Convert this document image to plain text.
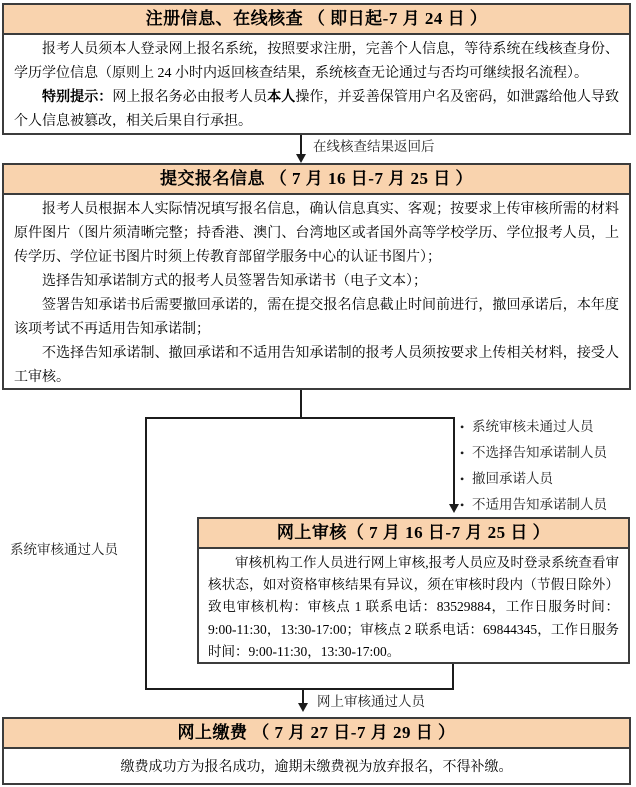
注册信息、在线核查 （ 即日起-7 月 24 日 ）

报考人员须本人登录网上报名系统，按照要求注册，完善个人信息，等待系统在线核查身份、学历学位信息（原则上 24 小时内返回核查结果，系统核查无论通过与否均可继续报名流程）。

特别提示：网上报名务必由报考人员本人操作，并妥善保管用户名及密码，如泄露给他人导致个人信息被篡改，相关后果自行承担。

在线核查结果返回后
提交报名信息 （ 7 月 16 日-7 月 25 日 ）

报考人员根据本人实际情况填写报名信息，确认信息真实、客观；按要求上传审核所需的材料原件图片（图片须清晰完整；持香港、澳门、台湾地区或者国外高等学校学历、学位报考人员，上传学历、学位证书图片时须上传教育部留学服务中心的认证书图片）；

选择告知承诺制方式的报考人员签署告知承诺书（电子文本）；

签署告知承诺书后需要撤回承诺的，需在提交报名信息截止时间前进行，撤回承诺后，本年度该项考试不再适用告知承诺制；

不选择告知承诺制、撤回承诺和不适用告知承诺制的报考人员须按要求上传相关材料，接受人工审核。

• 系统审核未通过人员
• 不选择告知承诺制人员
• 撤回承诺人员
• 不适用告知承诺制人员
系统审核通过人员
网上审核（ 7 月 16 日-7 月 25 日 ）

审核机构工作人员进行网上审核,报考人员应及时登录系统查看审核状态，如对资格审核结果有异议，须在审核时段内（节假日除外）致电审核机构：审核点 1 联系电话：83529884，工作日服务时间：9:00-11:30，13:30-17:00；审核点 2 联系电话：69844345，工作日服务时间：9:00-11:30，13:30-17:00。

网上审核通过人员
网上缴费 （ 7 月 27 日-7 月 29 日 ）

缴费成功方为报名成功，逾期未缴费视为放弃报名，不得补缴。
